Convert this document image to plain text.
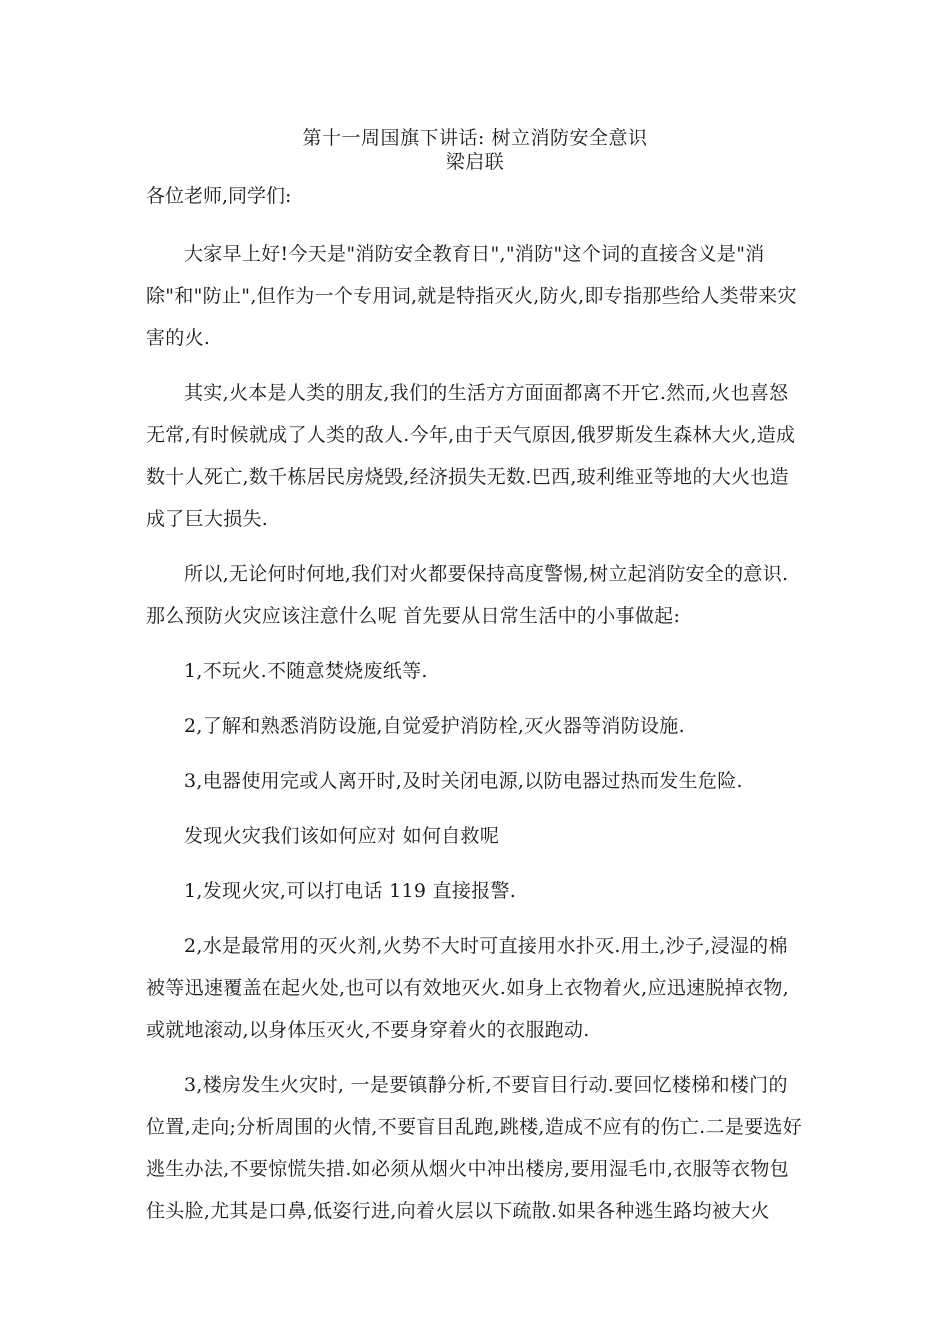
第十一周国旗下讲话: 树立消防安全意识
梁启联
各位老师,同学们:

大家早上好!今天是"消防安全教育日","消防"这个词的直接含义是"消除"和"防止",但作为一个专用词,就是特指灭火,防火,即专指那些给人类带来灾害的火.

其实,火本是人类的朋友,我们的生活方方面面都离不开它.然而,火也喜怒无常,有时候就成了人类的敌人.今年,由于天气原因,俄罗斯发生森林大火,造成数十人死亡,数千栋居民房烧毁,经济损失无数.巴西,玻利维亚等地的大火也造成了巨大损失.

所以,无论何时何地,我们对火都要保持高度警惕,树立起消防安全的意识.那么预防火灾应该注意什么呢 首先要从日常生活中的小事做起:

1,不玩火.不随意焚烧废纸等.

2,了解和熟悉消防设施,自觉爱护消防栓,灭火器等消防设施.

3,电器使用完或人离开时,及时关闭电源,以防电器过热而发生危险.

发现火灾我们该如何应对 如何自救呢

1,发现火灾,可以打电话 119 直接报警.

2,水是最常用的灭火剂,火势不大时可直接用水扑灭.用土,沙子,浸湿的棉被等迅速覆盖在起火处,也可以有效地灭火.如身上衣物着火,应迅速脱掉衣物,或就地滚动,以身体压灭火,不要身穿着火的衣服跑动.

3,楼房发生火灾时, 一是要镇静分析,不要盲目行动.要回忆楼梯和楼门的位置,走向;分析周围的火情,不要盲目乱跑,跳楼,造成不应有的伤亡.二是要选好逃生办法,不要惊慌失措.如必须从烟火中冲出楼房,要用湿毛巾,衣服等衣物包住头脸,尤其是口鼻,低姿行进,向着火层以下疏散.如果各种逃生路均被大火
